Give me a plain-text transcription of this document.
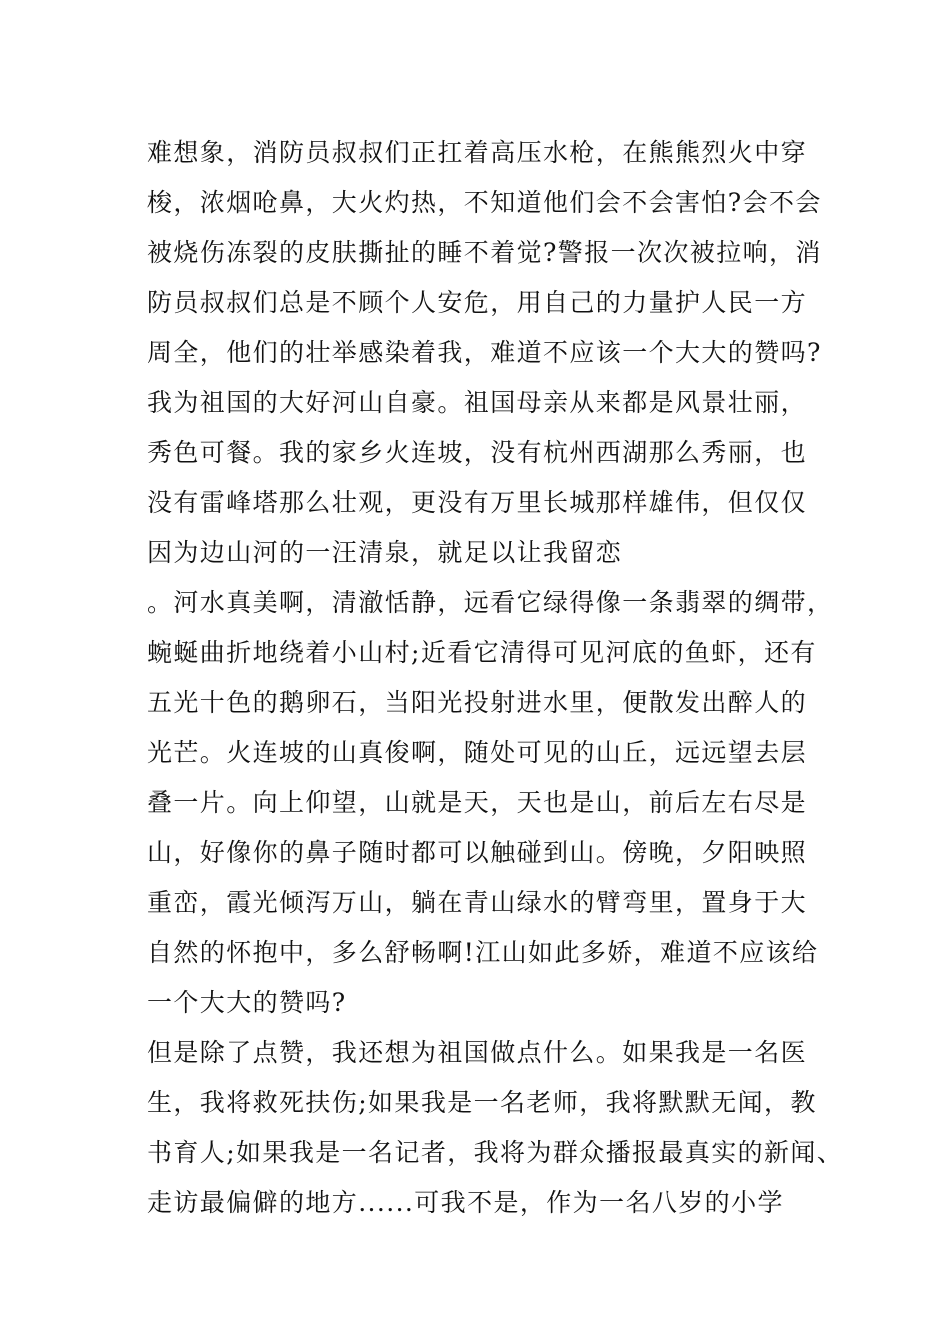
难想象，消防员叔叔们正扛着高压水枪，在熊熊烈火中穿
梭，浓烟呛鼻，大火灼热，不知道他们会不会害怕?会不会
被烧伤冻裂的皮肤撕扯的睡不着觉?警报一次次被拉响，消
防员叔叔们总是不顾个人安危，用自己的力量护人民一方
周全，他们的壮举感染着我，难道不应该一个大大的赞吗?
我为祖国的大好河山自豪。祖国母亲从来都是风景壮丽，
秀色可餐。我的家乡火连坡，没有杭州西湖那么秀丽，也
没有雷峰塔那么壮观，更没有万里长城那样雄伟，但仅仅
因为边山河的一汪清泉，就足以让我留恋
。河水真美啊，清澈恬静，远看它绿得像一条翡翠的绸带，
蜿蜒曲折地绕着小山村;近看它清得可见河底的鱼虾，还有
五光十色的鹅卵石，当阳光投射进水里，便散发出醉人的
光芒。火连坡的山真俊啊，随处可见的山丘，远远望去层
叠一片。向上仰望，山就是天，天也是山，前后左右尽是
山，好像你的鼻子随时都可以触碰到山。傍晚，夕阳映照
重峦，霞光倾泻万山，躺在青山绿水的臂弯里，置身于大
自然的怀抱中，多么舒畅啊!江山如此多娇，难道不应该给
一个大大的赞吗?
但是除了点赞，我还想为祖国做点什么。如果我是一名医
生，我将救死扶伤;如果我是一名老师，我将默默无闻，教
书育人;如果我是一名记者，我将为群众播报最真实的新闻、
走访最偏僻的地方......可我不是，作为一名八岁的小学
